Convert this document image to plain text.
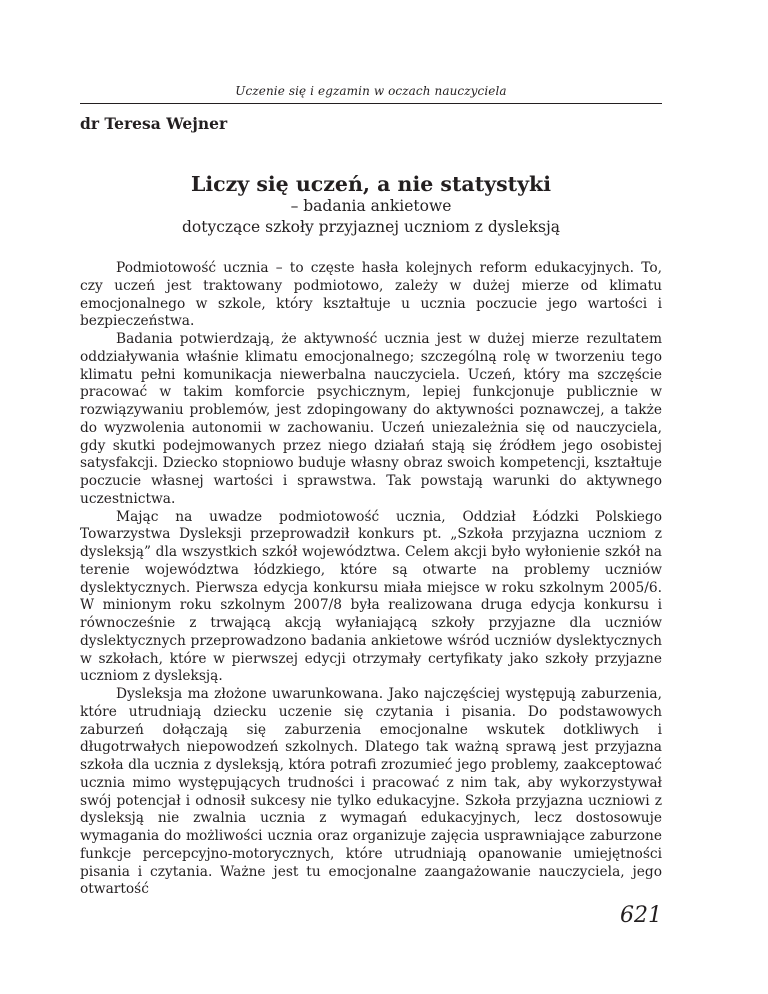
Uczenie się i egzamin w oczach nauczyciela
dr Teresa Wejner

Liczy się uczeń, a nie statystyki

– badania ankietowe

dotyczące szkoły przyjaznej uczniom z dysleksją

Podmiotowość ucznia – to częste hasła kolejnych reform edukacyjnych. To, czy uczeń jest traktowany podmiotowo, zależy w dużej mierze od klimatu emocjonalnego w szkole, który kształtuje u ucznia poczucie jego wartości i bezpieczeństwa.

Badania potwierdzają, że aktywność ucznia jest w dużej mierze rezultatem oddziaływania właśnie klimatu emocjonalnego; szczególną rolę w tworzeniu tego klimatu pełni komunikacja niewerbalna nauczyciela. Uczeń, który ma szczęście pracować w takim komforcie psychicznym, lepiej funkcjonuje publicznie w rozwiązywaniu problemów, jest zdopingowany do aktywności poznawczej, a także do wyzwolenia autonomii w zachowaniu. Uczeń uniezależnia się od nauczyciela, gdy skutki podejmowanych przez niego działań stają się źródłem jego osobistej satysfakcji. Dziecko stopniowo buduje własny obraz swoich kompetencji, kształtuje poczucie własnej wartości i sprawstwa. Tak powstają warunki do aktywnego uczestnictwa.

Mając na uwadze podmiotowość ucznia, Oddział Łódzki Polskiego Towarzystwa Dysleksji przeprowadził konkurs pt. „Szkoła przyjazna uczniom z dysleksją” dla wszystkich szkół województwa. Celem akcji było wyłonienie szkół na terenie województwa łódzkiego, które są otwarte na problemy uczniów dyslektycznych. Pierwsza edycja konkursu miała miejsce w roku szkolnym 2005/6. W minionym roku szkolnym 2007/8 była realizowana druga edycja konkursu i równocześnie z trwającą akcją wyłaniającą szkoły przyjazne dla uczniów dyslektycznych przeprowadzono badania ankietowe wśród uczniów dyslektycznych w szkołach, które w pierwszej edycji otrzymały certyfikaty jako szkoły przyjazne uczniom z dysleksją.

Dysleksja ma złożone uwarunkowana. Jako najczęściej występują zaburzenia, które utrudniają dziecku uczenie się czytania i pisania. Do podstawowych zaburzeń dołączają się zaburzenia emocjonalne wskutek dotkliwych i długotrwałych niepowodzeń szkolnych. Dlatego tak ważną sprawą jest przyjazna szkoła dla ucznia z dysleksją, która potrafi zrozumieć jego problemy, zaakceptować ucznia mimo występujących trudności i pracować z nim tak, aby wykorzystywał swój potencjał i odnosił sukcesy nie tylko edukacyjne. Szkoła przyjazna uczniowi z dysleksją nie zwalnia ucznia z wymagań edukacyjnych, lecz dostosowuje wymagania do możliwości ucznia oraz organizuje zajęcia usprawniające zaburzone funkcje percepcyjno-motorycznych, które utrudniają opanowanie umiejętności pisania i czytania. Ważne jest tu emocjonalne zaangażowanie nauczyciela, jego otwartość

621
